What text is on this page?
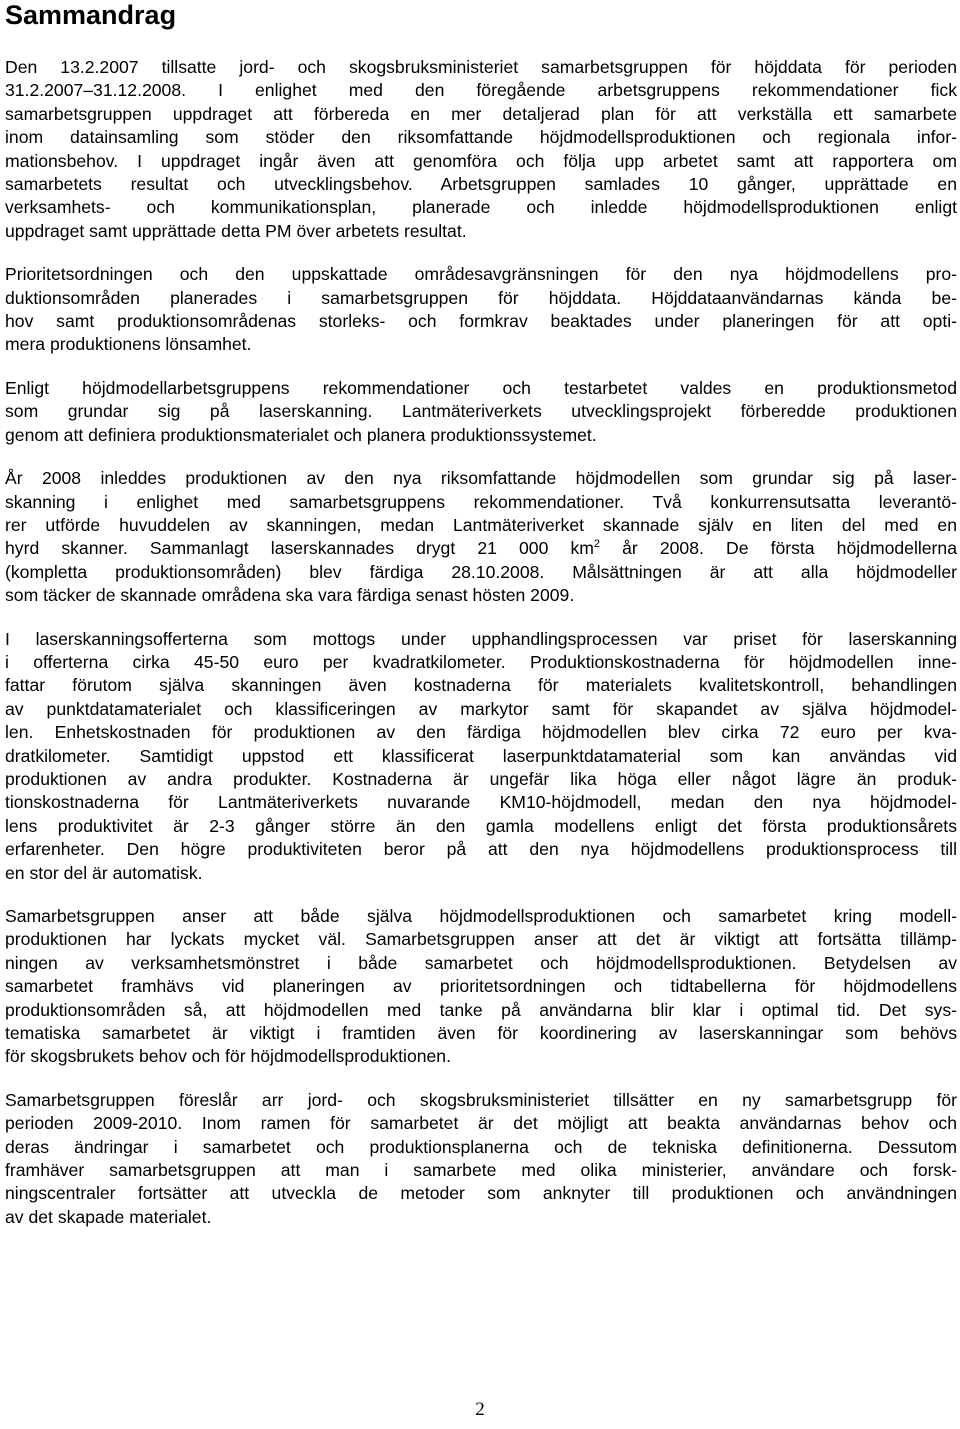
Sammandrag

Den 13.2.2007 tillsatte jord- och skogsbruksministeriet samarbetsgruppen för höjddata för perioden
31.2.2007–31.12.2008. I enlighet med den föregående arbetsgruppens rekommendationer fick
samarbetsgruppen uppdraget att förbereda en mer detaljerad plan för att verkställa ett samarbete
inom datainsamling som stöder den riksomfattande höjdmodellsproduktionen och regionala infor-
mationsbehov. I uppdraget ingår även att genomföra och följa upp arbetet samt att rapportera om
samarbetets resultat och utvecklingsbehov. Arbetsgruppen samlades 10 gånger, upprättade en
verksamhets- och kommunikationsplan, planerade och inledde höjdmodellsproduktionen enligt
uppdraget samt upprättade detta PM över arbetets resultat.

Prioritetsordningen och den uppskattade områdesavgränsningen för den nya höjdmodellens pro-
duktionsområden planerades i samarbetsgruppen för höjddata. Höjddataanvändarnas kända be-
hov samt produktionsområdenas storleks- och formkrav beaktades under planeringen för att opti-
mera produktionens lönsamhet.

Enligt höjdmodellarbetsgruppens rekommendationer och testarbetet valdes en produktionsmetod
som grundar sig på laserskanning. Lantmäteriverkets utvecklingsprojekt förberedde produktionen
genom att definiera produktionsmaterialet och planera produktionssystemet.

År 2008 inleddes produktionen av den nya riksomfattande höjdmodellen som grundar sig på laser-
skanning i enlighet med samarbetsgruppens rekommendationer. Två konkurrensutsatta leverantö-
rer utförde huvuddelen av skanningen, medan Lantmäteriverket skannade själv en liten del med en
hyrd skanner. Sammanlagt laserskannades drygt 21 000 $km^2$ år 2008. De första höjdmodellerna
(kompletta produktionsområden) blev färdiga 28.10.2008. Målsättningen är att alla höjdmodeller
som täcker de skannade områdena ska vara färdiga senast hösten 2009.

I laserskanningsofferterna som mottogs under upphandlingsprocessen var priset för laserskanning
i offerterna cirka 45-50 euro per kvadratkilometer. Produktionskostnaderna för höjdmodellen inne-
fattar förutom själva skanningen även kostnaderna för materialets kvalitetskontroll, behandlingen
av punktdatamaterialet och klassificeringen av markytor samt för skapandet av själva höjdmodel-
len. Enhetskostnaden för produktionen av den färdiga höjdmodellen blev cirka 72 euro per kva-
dratkilometer. Samtidigt uppstod ett klassificerat laserpunktdatamaterial som kan användas vid
produktionen av andra produkter. Kostnaderna är ungefär lika höga eller något lägre än produk-
tionskostnaderna för Lantmäteriverkets nuvarande KM10-höjdmodell, medan den nya höjdmodel-
lens produktivitet är 2-3 gånger större än den gamla modellens enligt det första produktionsårets
erfarenheter. Den högre produktiviteten beror på att den nya höjdmodellens produktionsprocess till
en stor del är automatisk.

Samarbetsgruppen anser att både själva höjdmodellsproduktionen och samarbetet kring modell-
produktionen har lyckats mycket väl. Samarbetsgruppen anser att det är viktigt att fortsätta tillämp-
ningen av verksamhetsmönstret i både samarbetet och höjdmodellsproduktionen. Betydelsen av
samarbetet framhävs vid planeringen av prioritetsordningen och tidtabellerna för höjdmodellens
produktionsområden så, att höjdmodellen med tanke på användarna blir klar i optimal tid. Det sys-
tematiska samarbetet är viktigt i framtiden även för koordinering av laserskanningar som behövs
för skogsbrukets behov och för höjdmodellsproduktionen.

Samarbetsgruppen föreslår arr jord- och skogsbruksministeriet tillsätter en ny samarbetsgrupp för
perioden 2009-2010. Inom ramen för samarbetet är det möjligt att beakta användarnas behov och
deras ändringar i samarbetet och produktionsplanerna och de tekniska definitionerna. Dessutom
framhäver samarbetsgruppen att man i samarbete med olika ministerier, användare och forsk-
ningscentraler fortsätter att utveckla de metoder som anknyter till produktionen och användningen
av det skapade materialet.

2
